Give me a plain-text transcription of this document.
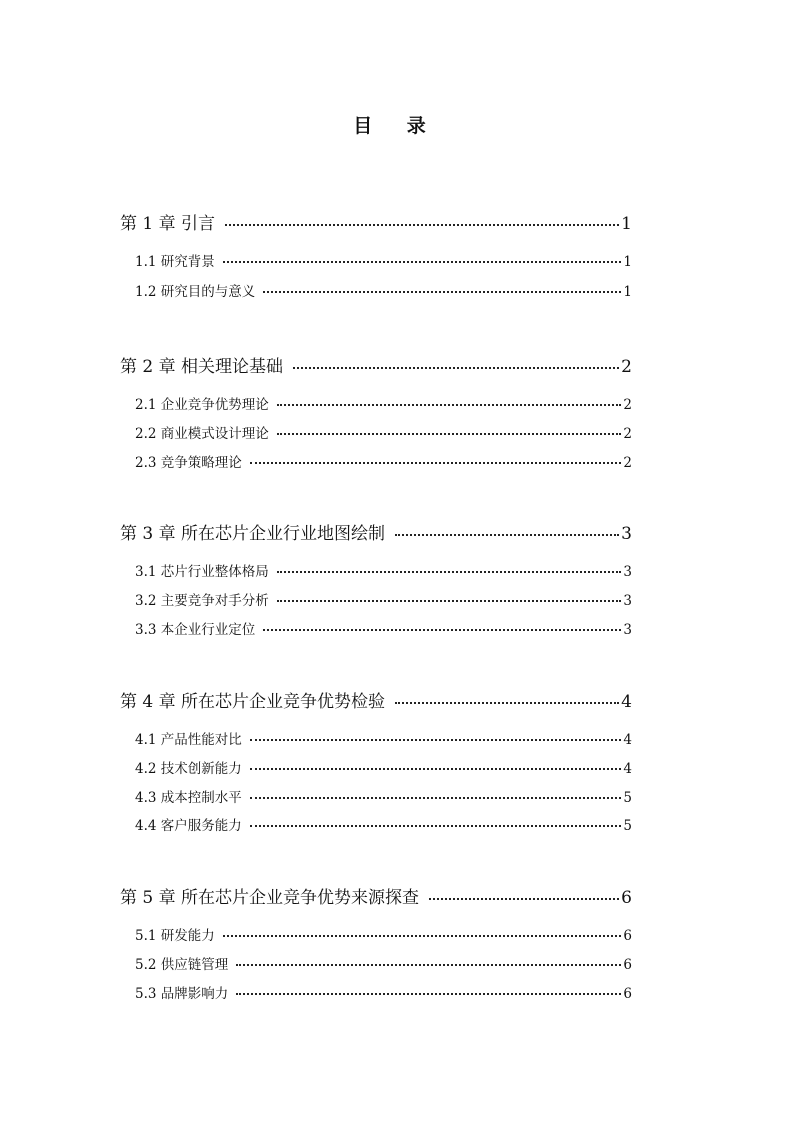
目 录
第 1 章 引言	1
1.1 研究背景	1
1.2 研究目的与意义	1
第 2 章 相关理论基础	2
2.1 企业竞争优势理论	2
2.2 商业模式设计理论	2
2.3 竞争策略理论	2
第 3 章 所在芯片企业行业地图绘制	3
3.1 芯片行业整体格局	3
3.2 主要竞争对手分析	3
3.3 本企业行业定位	3
第 4 章 所在芯片企业竞争优势检验	4
4.1 产品性能对比	4
4.2 技术创新能力	4
4.3 成本控制水平	5
4.4 客户服务能力	5
第 5 章 所在芯片企业竞争优势来源探查	6
5.1 研发能力	6
5.2 供应链管理	6
5.3 品牌影响力	6
